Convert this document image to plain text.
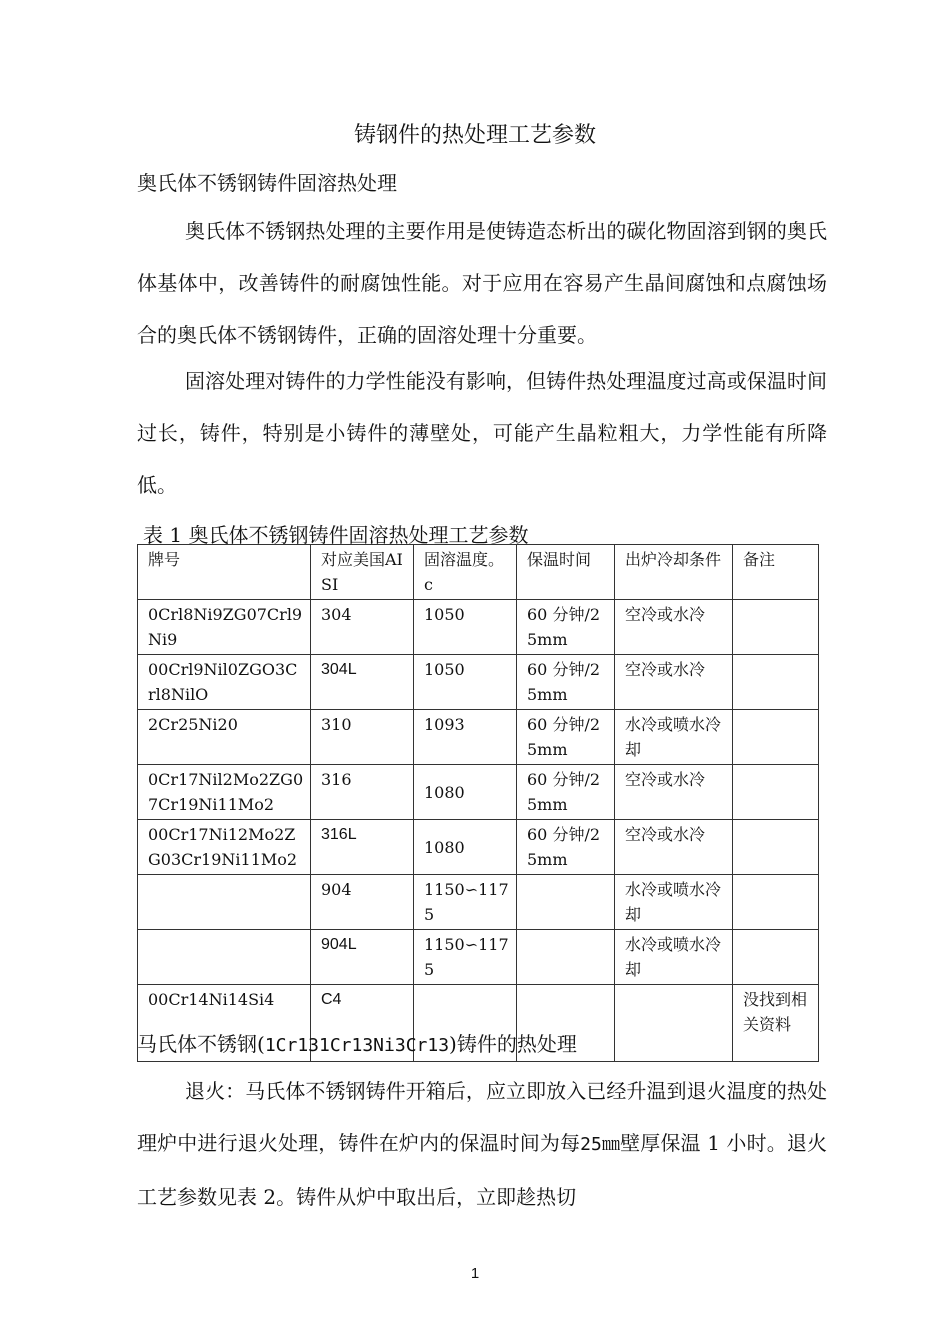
铸钢件的热处理工艺参数
奥氏体不锈钢铸件固溶热处理
奥氏体不锈钢热处理的主要作用是使铸造态析出的碳化物固溶到钢的奥氏体基体中，改善铸件的耐腐蚀性能。对于应用在容易产生晶间腐蚀和点腐蚀场合的奥氏体不锈钢铸件，正确的固溶处理十分重要。
固溶处理对铸件的力学性能没有影响，但铸件热处理温度过高或保温时间过长，铸件，特别是小铸件的薄壁处，可能产生晶粒粗大，力学性能有所降低。
表 1 奥氏体不锈钢铸件固溶热处理工艺参数
牌号	对应美国AISI	固溶温度。c	保温时间	出炉冷却条件	备注
0Crl8Ni9ZG07Crl9Ni9	304	1050	60 分钟/25mm	空冷或水冷	
00Crl9Nil0ZGO3Crl8NilO	304L	1050	60 分钟/25mm	空冷或水冷	
2Cr25Ni20	310	1093	60 分钟/25mm	水冷或喷水冷却	
0Cr17Nil2Mo2ZG07Cr19Ni11Mo2	316	1080	60 分钟/25mm	空冷或水冷	
00Cr17Ni12Mo2ZG03Cr19Ni11Mo2	316L	1080	60 分钟/25mm	空冷或水冷	
	904	1150∽1175		水冷或喷水冷却	
	904L	1150∽1175		水冷或喷水冷却	
00Cr14Ni14Si4	C4				没找到相关资料
马氏体不锈钢(1Cr131Cr13Ni3Cr13)铸件的热处理
退火：马氏体不锈钢铸件开箱后，应立即放入已经升温到退火温度的热处理炉中进行退火处理，铸件在炉内的保温时间为每25㎜壁厚保温 1 小时。退火工艺参数见表 2。铸件从炉中取出后，立即趁热切
1
